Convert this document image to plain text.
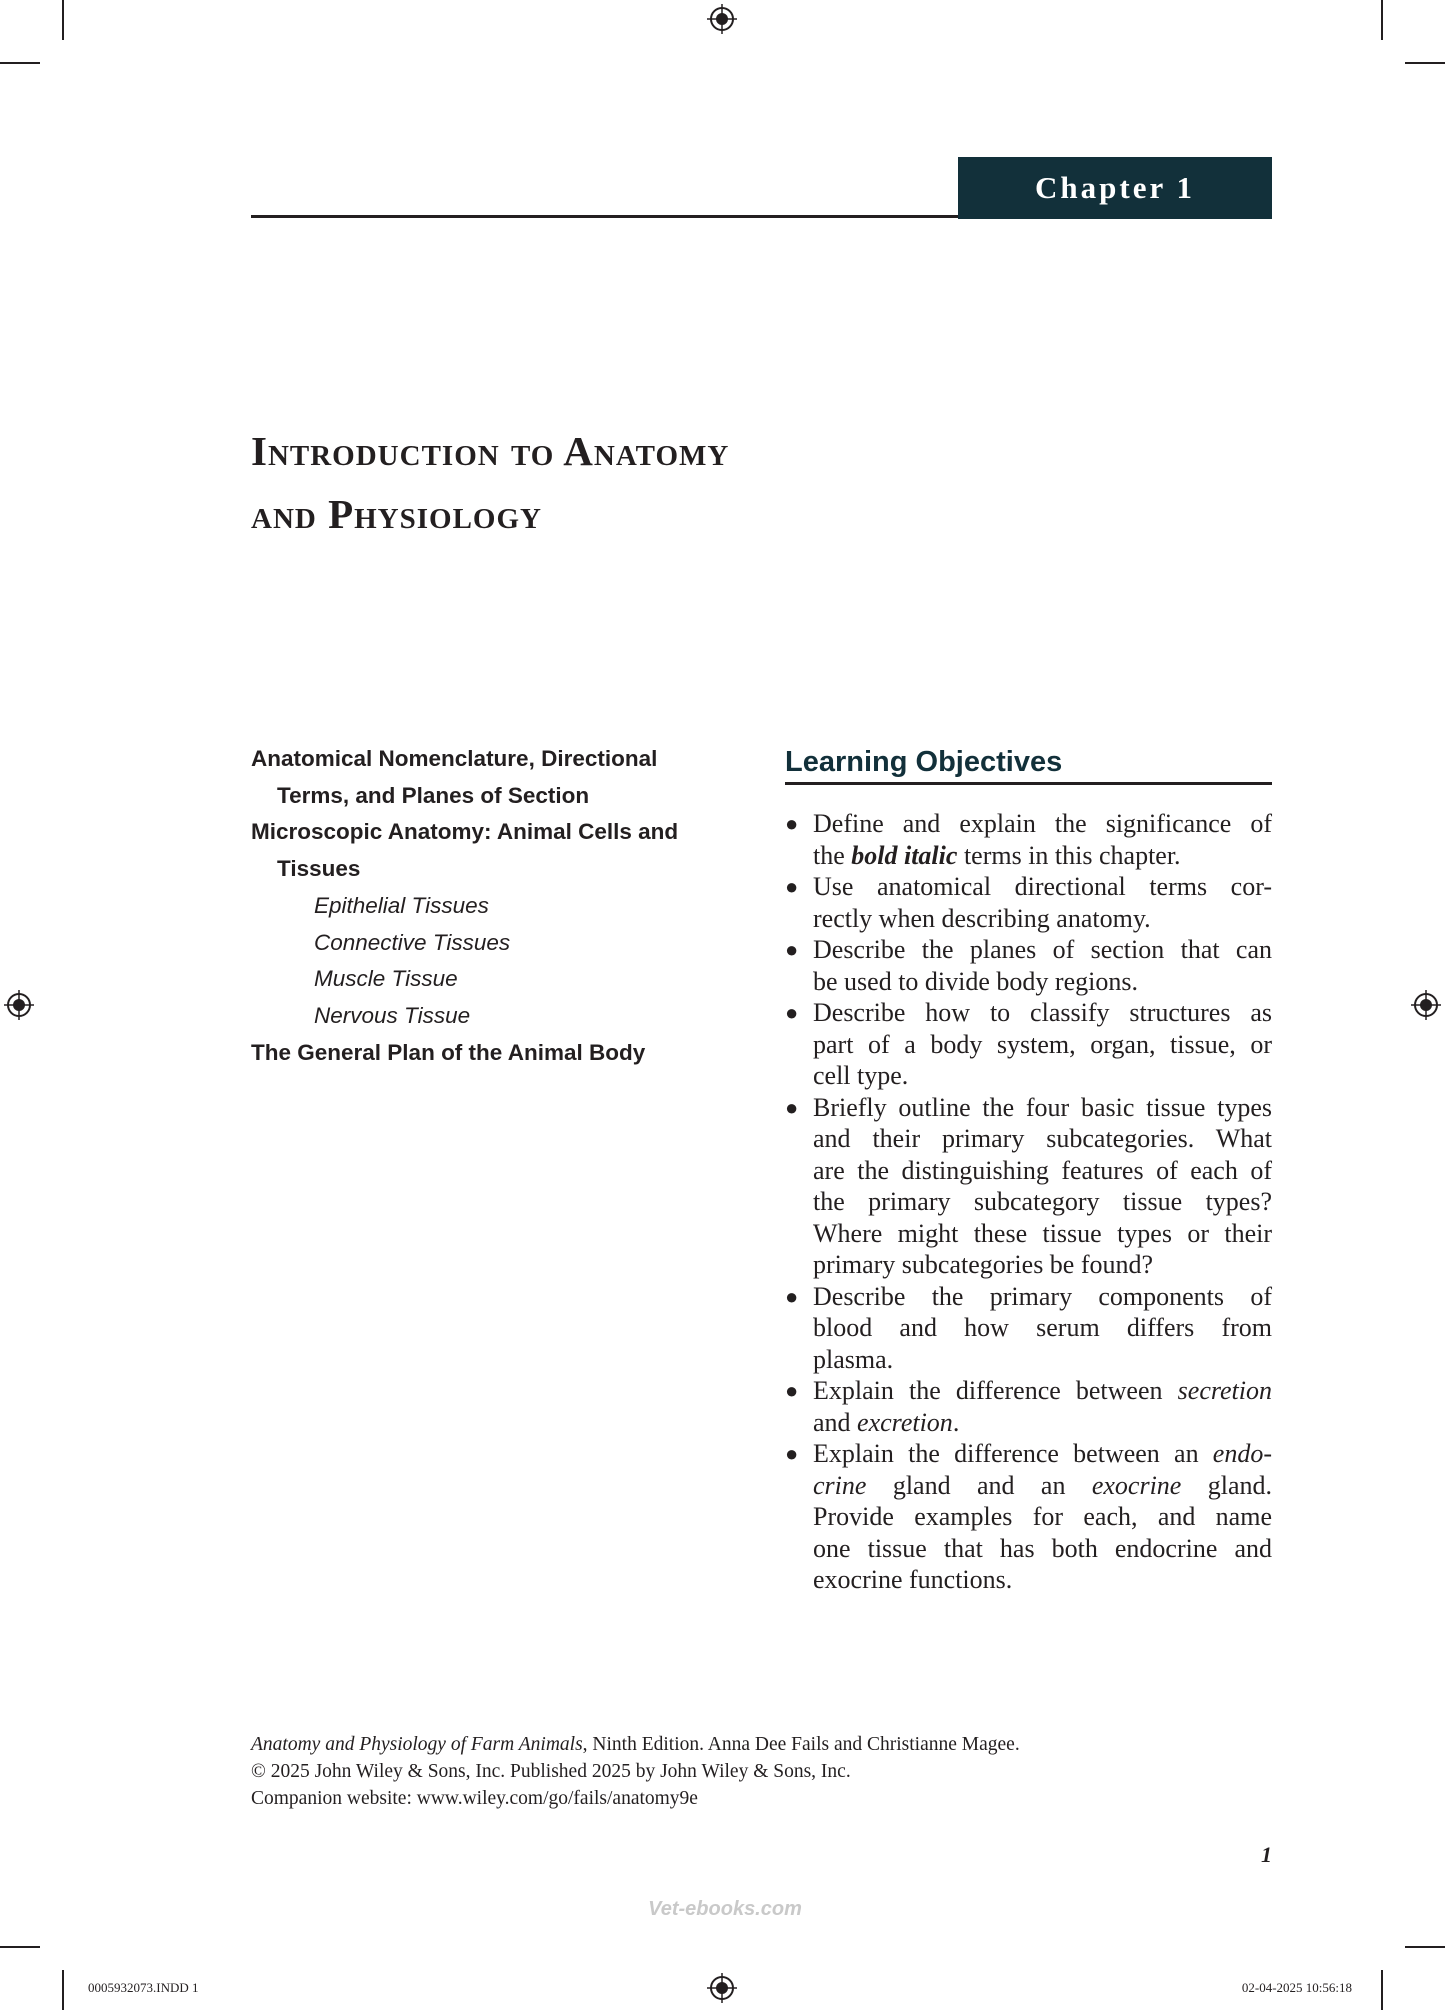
Chapter 1
Introduction to Anatomy
and Physiology
Anatomical Nomenclature, Directional
Terms, and Planes of Section
Microscopic Anatomy: Animal Cells and
Tissues
Epithelial Tissues
Connective Tissues
Muscle Tissue
Nervous Tissue
The General Plan of the Animal Body
Learning Objectives
● Define and explain the significance of
the bold italic terms in this chapter.
● Use anatomical directional terms cor-
rectly when describing anatomy.
● Describe the planes of section that can
be used to divide body regions.
● Describe how to classify structures as
part of a body system, organ, tissue, or
cell type.
● Briefly outline the four basic tissue types
and their primary subcategories. What
are the distinguishing features of each of
the primary subcategory tissue types?
Where might these tissue types or their
primary subcategories be found?
● Describe the primary components of
blood and how serum differs from
plasma.
● Explain the difference between secretion
and excretion.
● Explain the difference between an endo-
crine gland and an exocrine gland.
Provide examples for each, and name
one tissue that has both endocrine and
exocrine functions.
Anatomy and Physiology of Farm Animals, Ninth Edition. Anna Dee Fails and Christianne Magee.
© 2025 John Wiley & Sons, Inc. Published 2025 by John Wiley & Sons, Inc.
Companion website: www.wiley.com/go/fails/anatomy9e
1
Vet-ebooks.com
0005932073.INDD 1	02-04-2025 10:56:18
